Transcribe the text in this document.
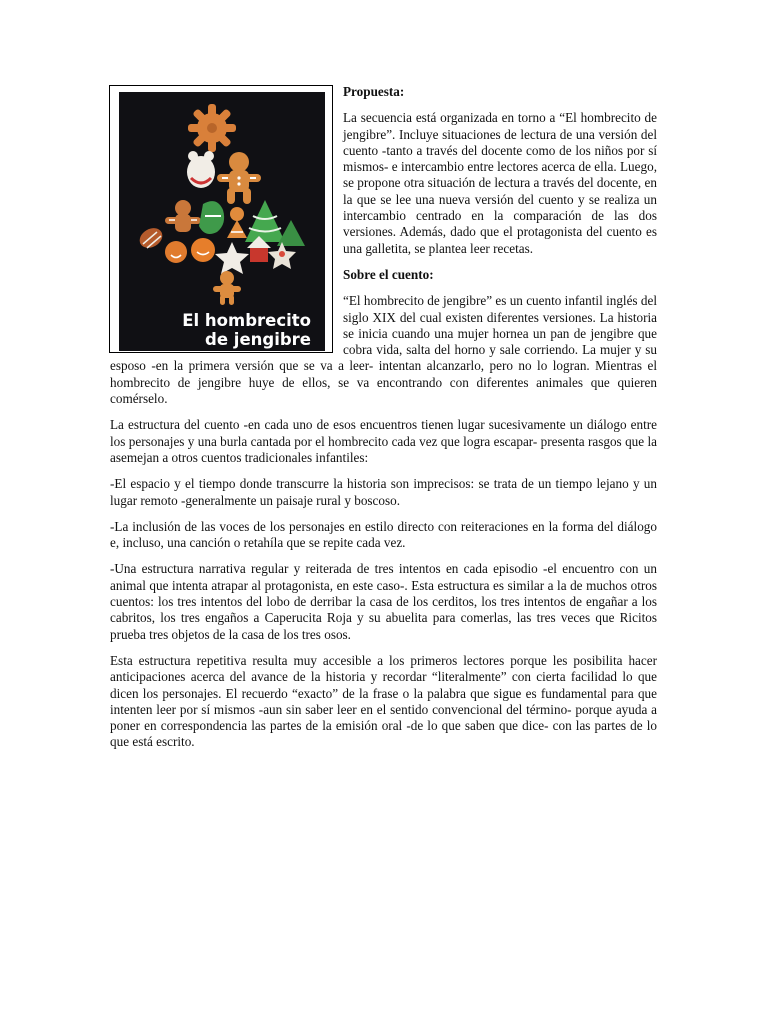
El hombrecito
de jengibre
Propuesta:

La secuencia está organizada en torno a “El hombrecito de jengibre”. Incluye situaciones de lectura de una versión del cuento -tanto a través del docente como de los niños por sí mismos- e intercambio entre lectores acerca de ella. Luego, se propone otra situación de lectura a través del docente, en la que se lee una nueva versión del cuento y se realiza un intercambio centrado en la comparación de las dos versiones. Además, dado que el protagonista del cuento es una galletita, se plantea leer recetas.

Sobre el cuento:

“El hombrecito de jengibre” es un cuento infantil inglés del siglo XIX del cual existen diferentes versiones. La historia se inicia cuando una mujer hornea un pan de jengibre que cobra vida, salta del horno y sale corriendo. La mujer y su esposo -en la primera versión que se va a leer- intentan alcanzarlo, pero no lo logran. Mientras el hombrecito de jengibre huye de ellos, se va encontrando con diferentes animales que quieren comérselo.

La estructura del cuento -en cada uno de esos encuentros tienen lugar sucesivamente un diálogo entre los personajes y una burla cantada por el hombrecito cada vez que logra escapar- presenta rasgos que la asemejan a otros cuentos tradicionales infantiles:

-El espacio y el tiempo donde transcurre la historia son imprecisos: se trata de un tiempo lejano y un lugar remoto -generalmente un paisaje rural y boscoso.

-La inclusión de las voces de los personajes en estilo directo con reiteraciones en la forma del diálogo e, incluso, una canción o retahíla que se repite cada vez.

-Una estructura narrativa regular y reiterada de tres intentos en cada episodio -el encuentro con un animal que intenta atrapar al protagonista, en este caso-. Esta estructura es similar a la de muchos otros cuentos: los tres intentos del lobo de derribar la casa de los cerditos, los tres intentos de engañar a los cabritos, los tres engaños a Caperucita Roja y su abuelita para comerlas, las tres veces que Ricitos prueba tres objetos de la casa de los tres osos.

Esta estructura repetitiva resulta muy accesible a los primeros lectores porque les posibilita hacer anticipaciones acerca del avance de la historia y recordar “literalmente” con cierta facilidad lo que dicen los personajes. El recuerdo “exacto” de la frase o la palabra que sigue es fundamental para que intenten leer por sí mismos -aun sin saber leer en el sentido convencional del término- porque ayuda a poner en correspondencia las partes de la emisión oral -de lo que saben que dice- con las partes de lo que está escrito.
